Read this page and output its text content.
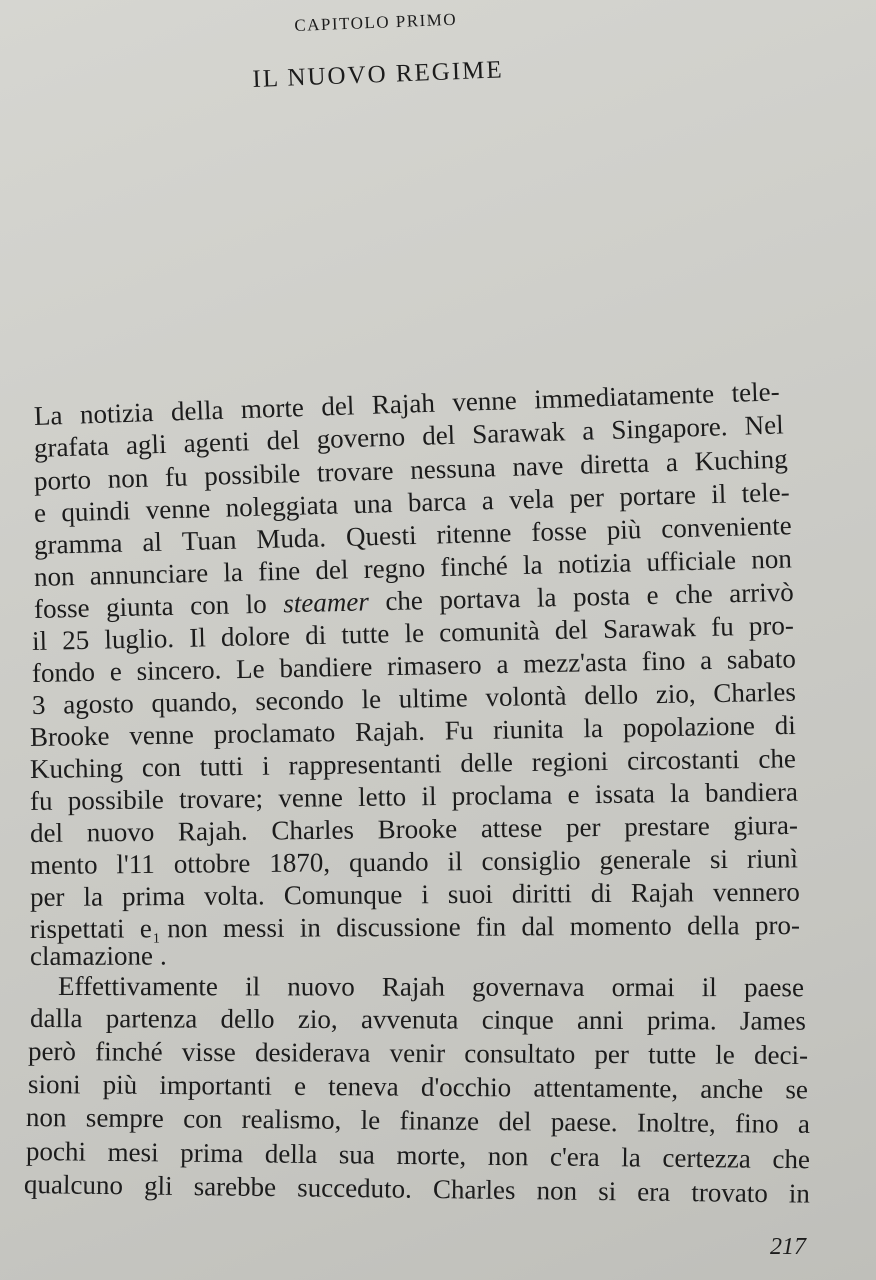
CAPITOLO PRIMO
IL NUOVO REGIME
La notizia della morte del Rajah venne immediatamente tele-
grafata agli agenti del governo del Sarawak a Singapore. Nel
porto non fu possibile trovare nessuna nave diretta a Kuching
e quindi venne noleggiata una barca a vela per portare il tele-
gramma al Tuan Muda. Questi ritenne fosse più conveniente
non annunciare la fine del regno finché la notizia ufficiale non
fosse giunta con lo steamer che portava la posta e che arrivò
il 25 luglio. Il dolore di tutte le comunità del Sarawak fu pro-
fondo e sincero. Le bandiere rimasero a mezz'asta fino a sabato
3 agosto quando, secondo le ultime volontà dello zio, Charles
Brooke venne proclamato Rajah. Fu riunita la popolazione di
Kuching con tutti i rappresentanti delle regioni circostanti che
fu possibile trovare; venne letto il proclama e issata la bandiera
del nuovo Rajah. Charles Brooke attese per prestare giura-
mento l'11 ottobre 1870, quando il consiglio generale si riunì
per la prima volta. Comunque i suoi diritti di Rajah vennero
rispettati e non messi in discussione fin dal momento della pro-
clamazione
1
.
Effettivamente il nuovo Rajah governava ormai il paese
dalla partenza dello zio, avvenuta cinque anni prima. James
però finché visse desiderava venir consultato per tutte le deci-
sioni più importanti e teneva d'occhio attentamente, anche se
non sempre con realismo, le finanze del paese. Inoltre, fino a
pochi mesi prima della sua morte, non c'era la certezza che
qualcuno gli sarebbe succeduto. Charles non si era trovato in
217
